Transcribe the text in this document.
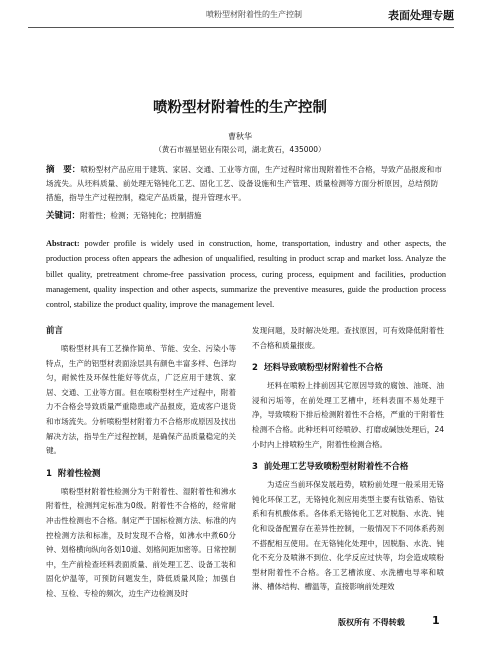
喷粉型材附着性的生产控制	表面处理专题
喷粉型材附着性的生产控制
曹秋华
（黄石市福星铝业有限公司，湖北黄石，435000）
摘　要：喷粉型材产品应用于建筑、家居、交通、工业等方面，生产过程时常出现附着性不合格，导致产品报废和市场流失。从坯料质量、前处理无铬钝化工艺、固化工艺、设备设施和生产管理、质量检测等方面分析原因，总结预防措施，指导生产过程控制，稳定产品质量，提升管理水平。
关键词：附着性；检测；无铬钝化；控制措施
Abstract: powder profile is widely used in construction, home, transportation, industry and other aspects, the production process often appears the adhesion of unqualified, resulting in product scrap and market loss. Analyze the billet quality, pretreatment chrome-free passivation process, curing process, equipment and facilities, production management, quality inspection and other aspects, summarize the preventive measures, guide the production process control, stabilize the product quality, improve the management level.
前言

喷粉型材具有工艺操作简单、节能、安全、污染小等特点，生产的铝型材表面涂层具有颜色丰富多样、色泽均匀，耐候性及环保性能好等优点，广泛应用于建筑、家居、交通、工业等方面。但在喷粉型材生产过程中，附着力不合格会导致质量严重隐患或产品报废，造成客户退货和市场流失。分析喷粉型材附着力不合格形成原因及找出解决方法，指导生产过程控制，是确保产品质量稳定的关键。

1 附着性检测

喷粉型材附着性检测分为干附着性、湿附着性和沸水附着性，检测判定标准为0级。附着性不合格的，经常耐冲击性检测也不合格。制定严于国标检测方法、标准的内控检测方法和标准，及时发现不合格，如沸水中煮60分钟、划格横向纵向各划10道、划格间距加密等。日常控制中，生产前检查坯料表面质量、前处理工艺、设备工装和固化炉温等，可预防问题发生，降低质量风险；加强自检、互检、专检的频次，边生产边检测及时

发现问题，及时解决处理。查找原因，可有效降低附着性不合格和质量报废。

2 坯料导致喷粉型材附着性不合格

坯料在喷粉上排前因其它原因导致的腐蚀、油斑、油浸和污垢等，在前处理工艺槽中，坯料表面不易处理干净，导致喷粉下排后检测附着性不合格，严重的干附着性检测不合格。此种坯料可经喷砂、打磨或碱蚀处理后，24小时内上排喷粉生产，附着性检测合格。

3 前处理工艺导致喷粉型材附着性不合格

为适应当前环保发展趋势，喷粉前处理一般采用无铬钝化环保工艺，无铬钝化剂应用类型主要有钛锆系、锆钛系和有机酸体系。各体系无铬钝化工艺对脱脂、水洗、钝化和设备配置存在差异性控制，一般情况下不同体系药剂不搭配相互使用。在无铬钝化处理中，因脱脂、水洗、钝化不充分及喷淋不到位、化学反应过快等，均会造成喷粉型材附着性不合格。各工艺槽浓度、水洗槽电导率和喷淋、槽体结构、槽温等，直接影响前处理效

版权所有 不得转载 1
